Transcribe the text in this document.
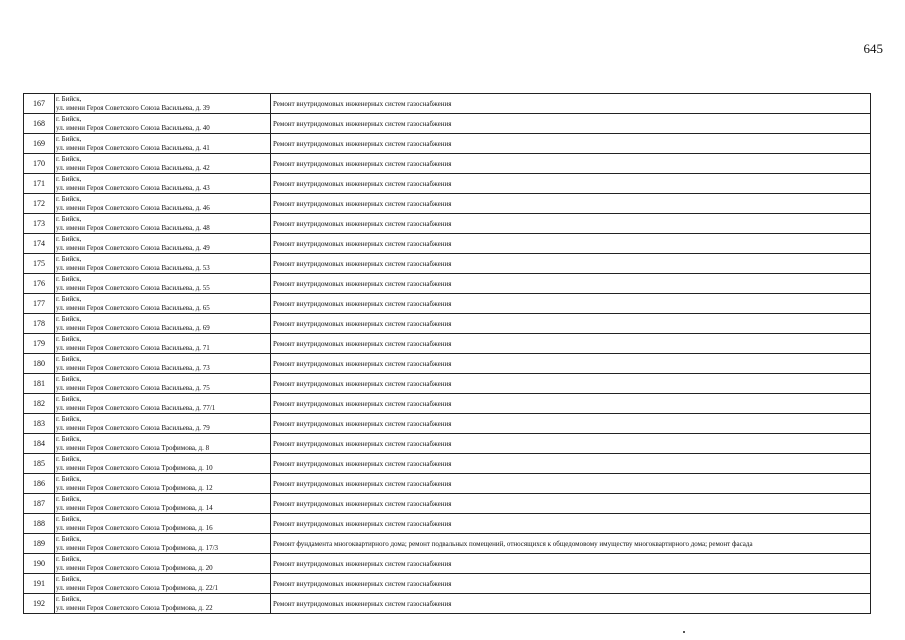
645
167	г. Бийск,
ул. имени Героя Советского Союза Васильева, д. 39	Ремонт внутридомовых инженерных систем газоснабжения
168	г. Бийск,
ул. имени Героя Советского Союза Васильева, д. 40	Ремонт внутридомовых инженерных систем газоснабжения
169	г. Бийск,
ул. имени Героя Советского Союза Васильева, д. 41	Ремонт внутридомовых инженерных систем газоснабжения
170	г. Бийск,
ул. имени Героя Советского Союза Васильева, д. 42	Ремонт внутридомовых инженерных систем газоснабжения
171	г. Бийск,
ул. имени Героя Советского Союза Васильева, д. 43	Ремонт внутридомовых инженерных систем газоснабжения
172	г. Бийск,
ул. имени Героя Советского Союза Васильева, д. 46	Ремонт внутридомовых инженерных систем газоснабжения
173	г. Бийск,
ул. имени Героя Советского Союза Васильева, д. 48	Ремонт внутридомовых инженерных систем газоснабжения
174	г. Бийск,
ул. имени Героя Советского Союза Васильева, д. 49	Ремонт внутридомовых инженерных систем газоснабжения
175	г. Бийск,
ул. имени Героя Советского Союза Васильева, д. 53	Ремонт внутридомовых инженерных систем газоснабжения
176	г. Бийск,
ул. имени Героя Советского Союза Васильева, д. 55	Ремонт внутридомовых инженерных систем газоснабжения
177	г. Бийск,
ул. имени Героя Советского Союза Васильева, д. 65	Ремонт внутридомовых инженерных систем газоснабжения
178	г. Бийск,
ул. имени Героя Советского Союза Васильева, д. 69	Ремонт внутридомовых инженерных систем газоснабжения
179	г. Бийск,
ул. имени Героя Советского Союза Васильева, д. 71	Ремонт внутридомовых инженерных систем газоснабжения
180	г. Бийск,
ул. имени Героя Советского Союза Васильева, д. 73	Ремонт внутридомовых инженерных систем газоснабжения
181	г. Бийск,
ул. имени Героя Советского Союза Васильева, д. 75	Ремонт внутридомовых инженерных систем газоснабжения
182	г. Бийск,
ул. имени Героя Советского Союза Васильева, д. 77/1	Ремонт внутридомовых инженерных систем газоснабжения
183	г. Бийск,
ул. имени Героя Советского Союза Васильева, д. 79	Ремонт внутридомовых инженерных систем газоснабжения
184	г. Бийск,
ул. имени Героя Советского Союза Трофимова, д. 8	Ремонт внутридомовых инженерных систем газоснабжения
185	г. Бийск,
ул. имени Героя Советского Союза Трофимова, д. 10	Ремонт внутридомовых инженерных систем газоснабжения
186	г. Бийск,
ул. имени Героя Советского Союза Трофимова, д. 12	Ремонт внутридомовых инженерных систем газоснабжения
187	г. Бийск,
ул. имени Героя Советского Союза Трофимова, д. 14	Ремонт внутридомовых инженерных систем газоснабжения
188	г. Бийск,
ул. имени Героя Советского Союза Трофимова, д. 16	Ремонт внутридомовых инженерных систем газоснабжения
189	г. Бийск,
ул. имени Героя Советского Союза Трофимова, д. 17/3	Ремонт фундамента многоквартирного дома; ремонт подвальных помещений, относящихся к общедомовому имуществу многоквартирного дома; ремонт фасада
190	г. Бийск,
ул. имени Героя Советского Союза Трофимова, д. 20	Ремонт внутридомовых инженерных систем газоснабжения
191	г. Бийск,
ул. имени Героя Советского Союза Трофимова, д. 22/1	Ремонт внутридомовых инженерных систем газоснабжения
192	г. Бийск,
ул. имени Героя Советского Союза Трофимова, д. 22	Ремонт внутридомовых инженерных систем газоснабжения
